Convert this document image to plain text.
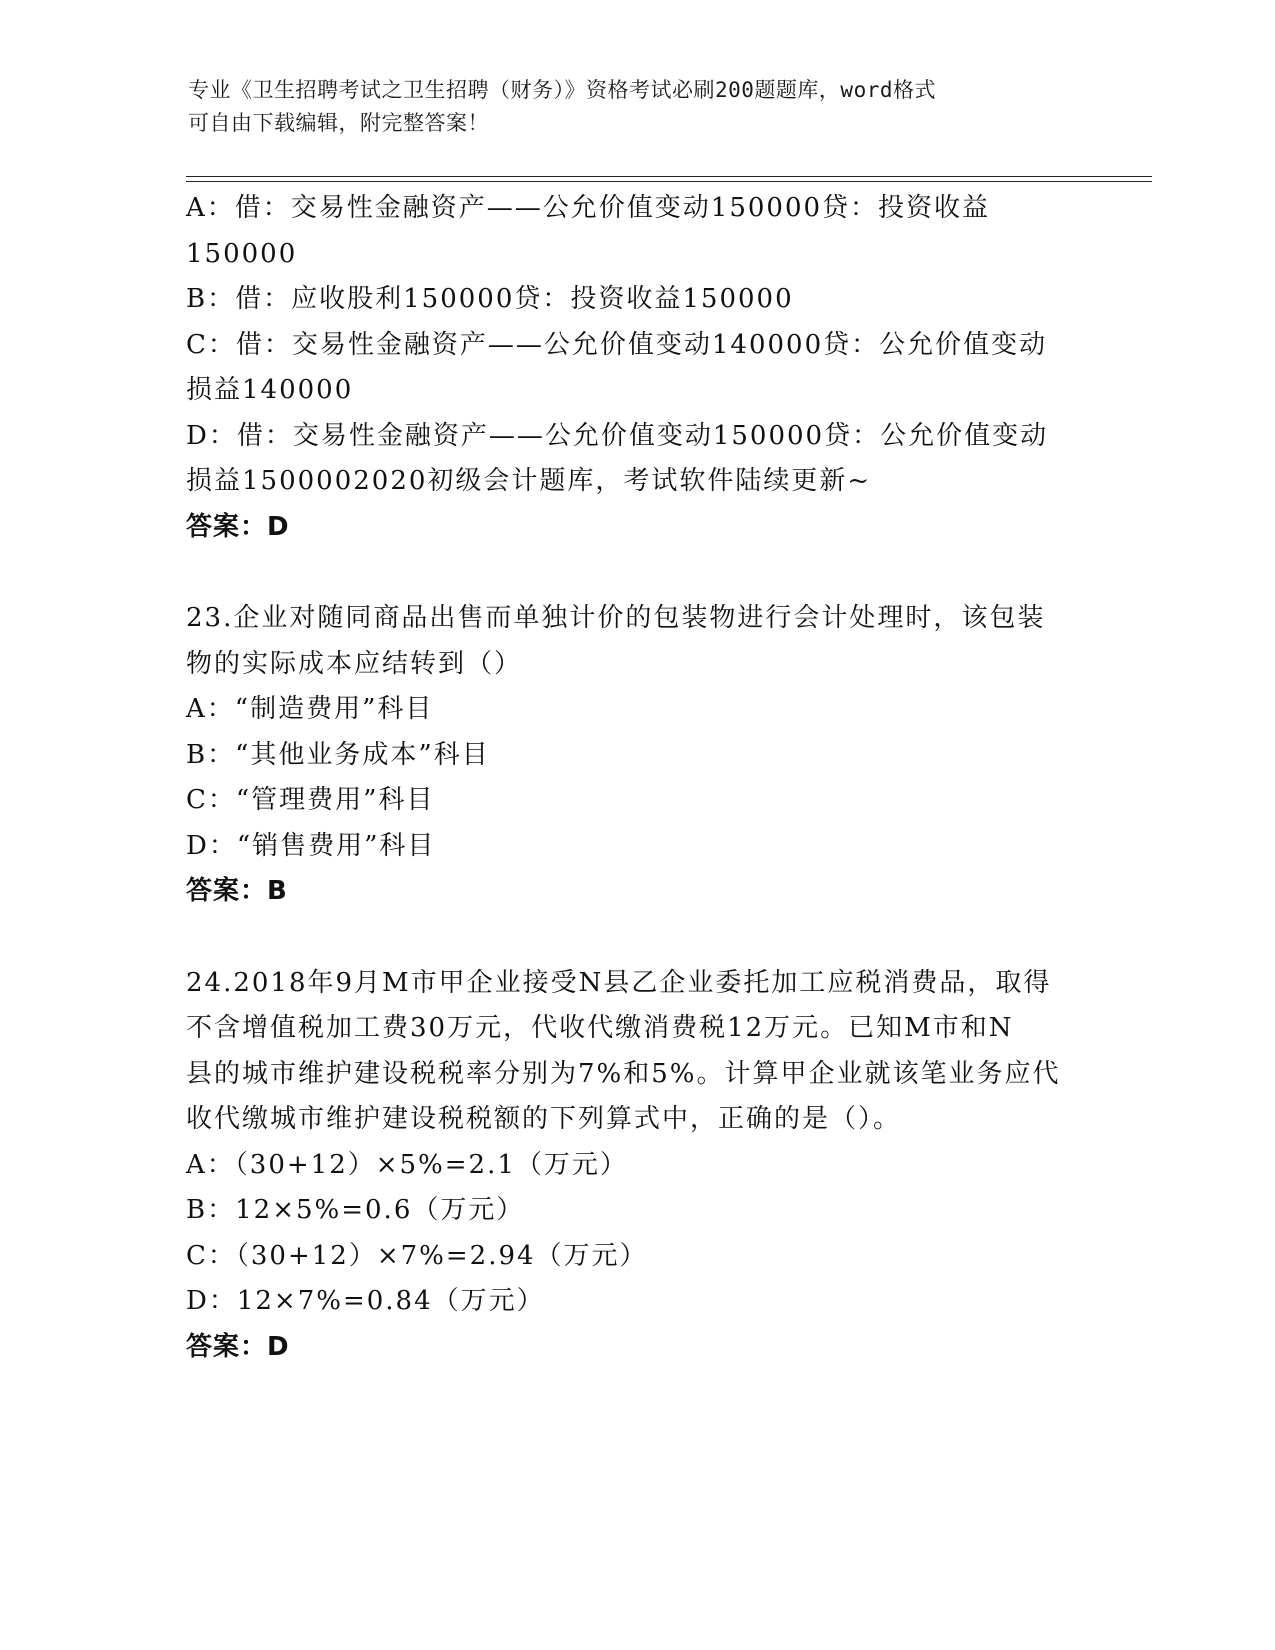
专业《卫生招聘考试之卫生招聘（财务）》资格考试必刷200题题库，word格式
可自由下载编辑，附完整答案！

A：借：交易性金融资产——公允价值变动150000贷：投资收益

150000

B：借：应收股利150000贷：投资收益150000

C：借：交易性金融资产——公允价值变动140000贷：公允价值变动

损益140000

D：借：交易性金融资产——公允价值变动150000贷：公允价值变动

损益1500002020初级会计题库，考试软件陆续更新~

答案：D

23.企业对随同商品出售而单独计价的包装物进行会计处理时，该包装

物的实际成本应结转到（）

A：“制造费用”科目

B：“其他业务成本”科目

C：“管理费用”科目

D：“销售费用”科目

答案：B

24.2018年9月M市甲企业接受N县乙企业委托加工应税消费品，取得

不含增值税加工费30万元，代收代缴消费税12万元。已知M市和N

县的城市维护建设税税率分别为7%和5%。计算甲企业就该笔业务应代

收代缴城市维护建设税税额的下列算式中，正确的是（）。

A：（30+12）×5%=2.1（万元）

B：12×5%=0.6（万元）

C：（30+12）×7%=2.94（万元）

D：12×7%=0.84（万元）

答案：D
